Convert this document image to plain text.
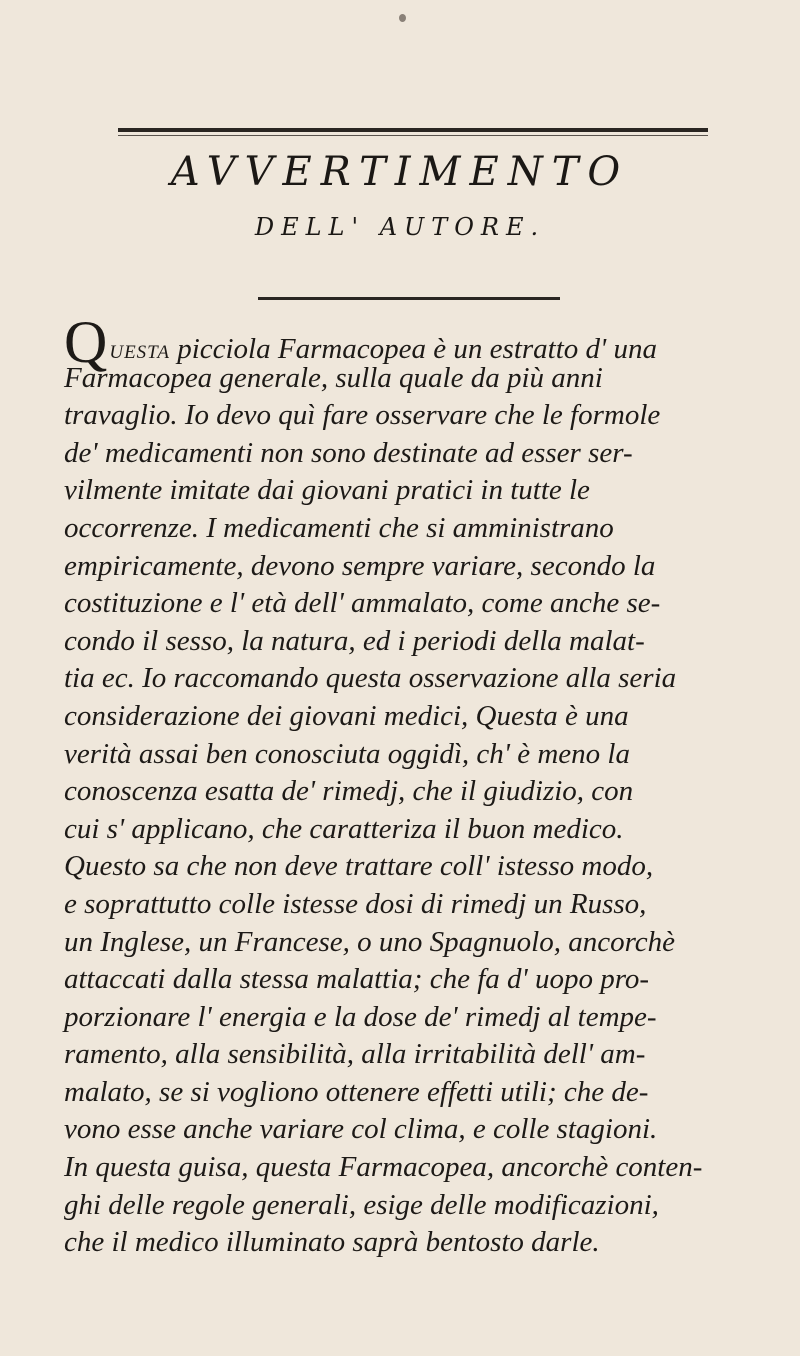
AVVERTIMENTO
DELL' AUTORE.
QUESTA picciola Farmacopea è un estratto d' una
Farmacopea generale, sulla quale da più anni
travaglio. Io devo quì fare osservare che le formole
de' medicamenti non sono destinate ad esser ser-
vilmente imitate dai giovani pratici in tutte le
occorrenze. I medicamenti che si amministrano
empiricamente, devono sempre variare, secondo la
costituzione e l' età dell' ammalato, come anche se-
condo il sesso, la natura, ed i periodi della malat-
tia ec. Io raccomando questa osservazione alla seria
considerazione dei giovani medici, Questa è una
verità assai ben conosciuta oggidì, ch' è meno la
conoscenza esatta de' rimedj, che il giudizio, con
cui s' applicano, che caratteriza il buon medico.
Questo sa che non deve trattare coll' istesso modo,
e soprattutto colle istesse dosi di rimedj un Russo,
un Inglese, un Francese, o uno Spagnuolo, ancorchè
attaccati dalla stessa malattia; che fa d' uopo pro-
porzionare l' energia e la dose de' rimedj al tempe-
ramento, alla sensibilità, alla irritabilità dell' am-
malato, se si vogliono ottenere effetti utili; che de-
vono esse anche variare col clima, e colle stagioni.
In questa guisa, questa Farmacopea, ancorchè conten-
ghi delle regole generali, esige delle modificazioni,
che il medico illuminato saprà bentosto darle.
